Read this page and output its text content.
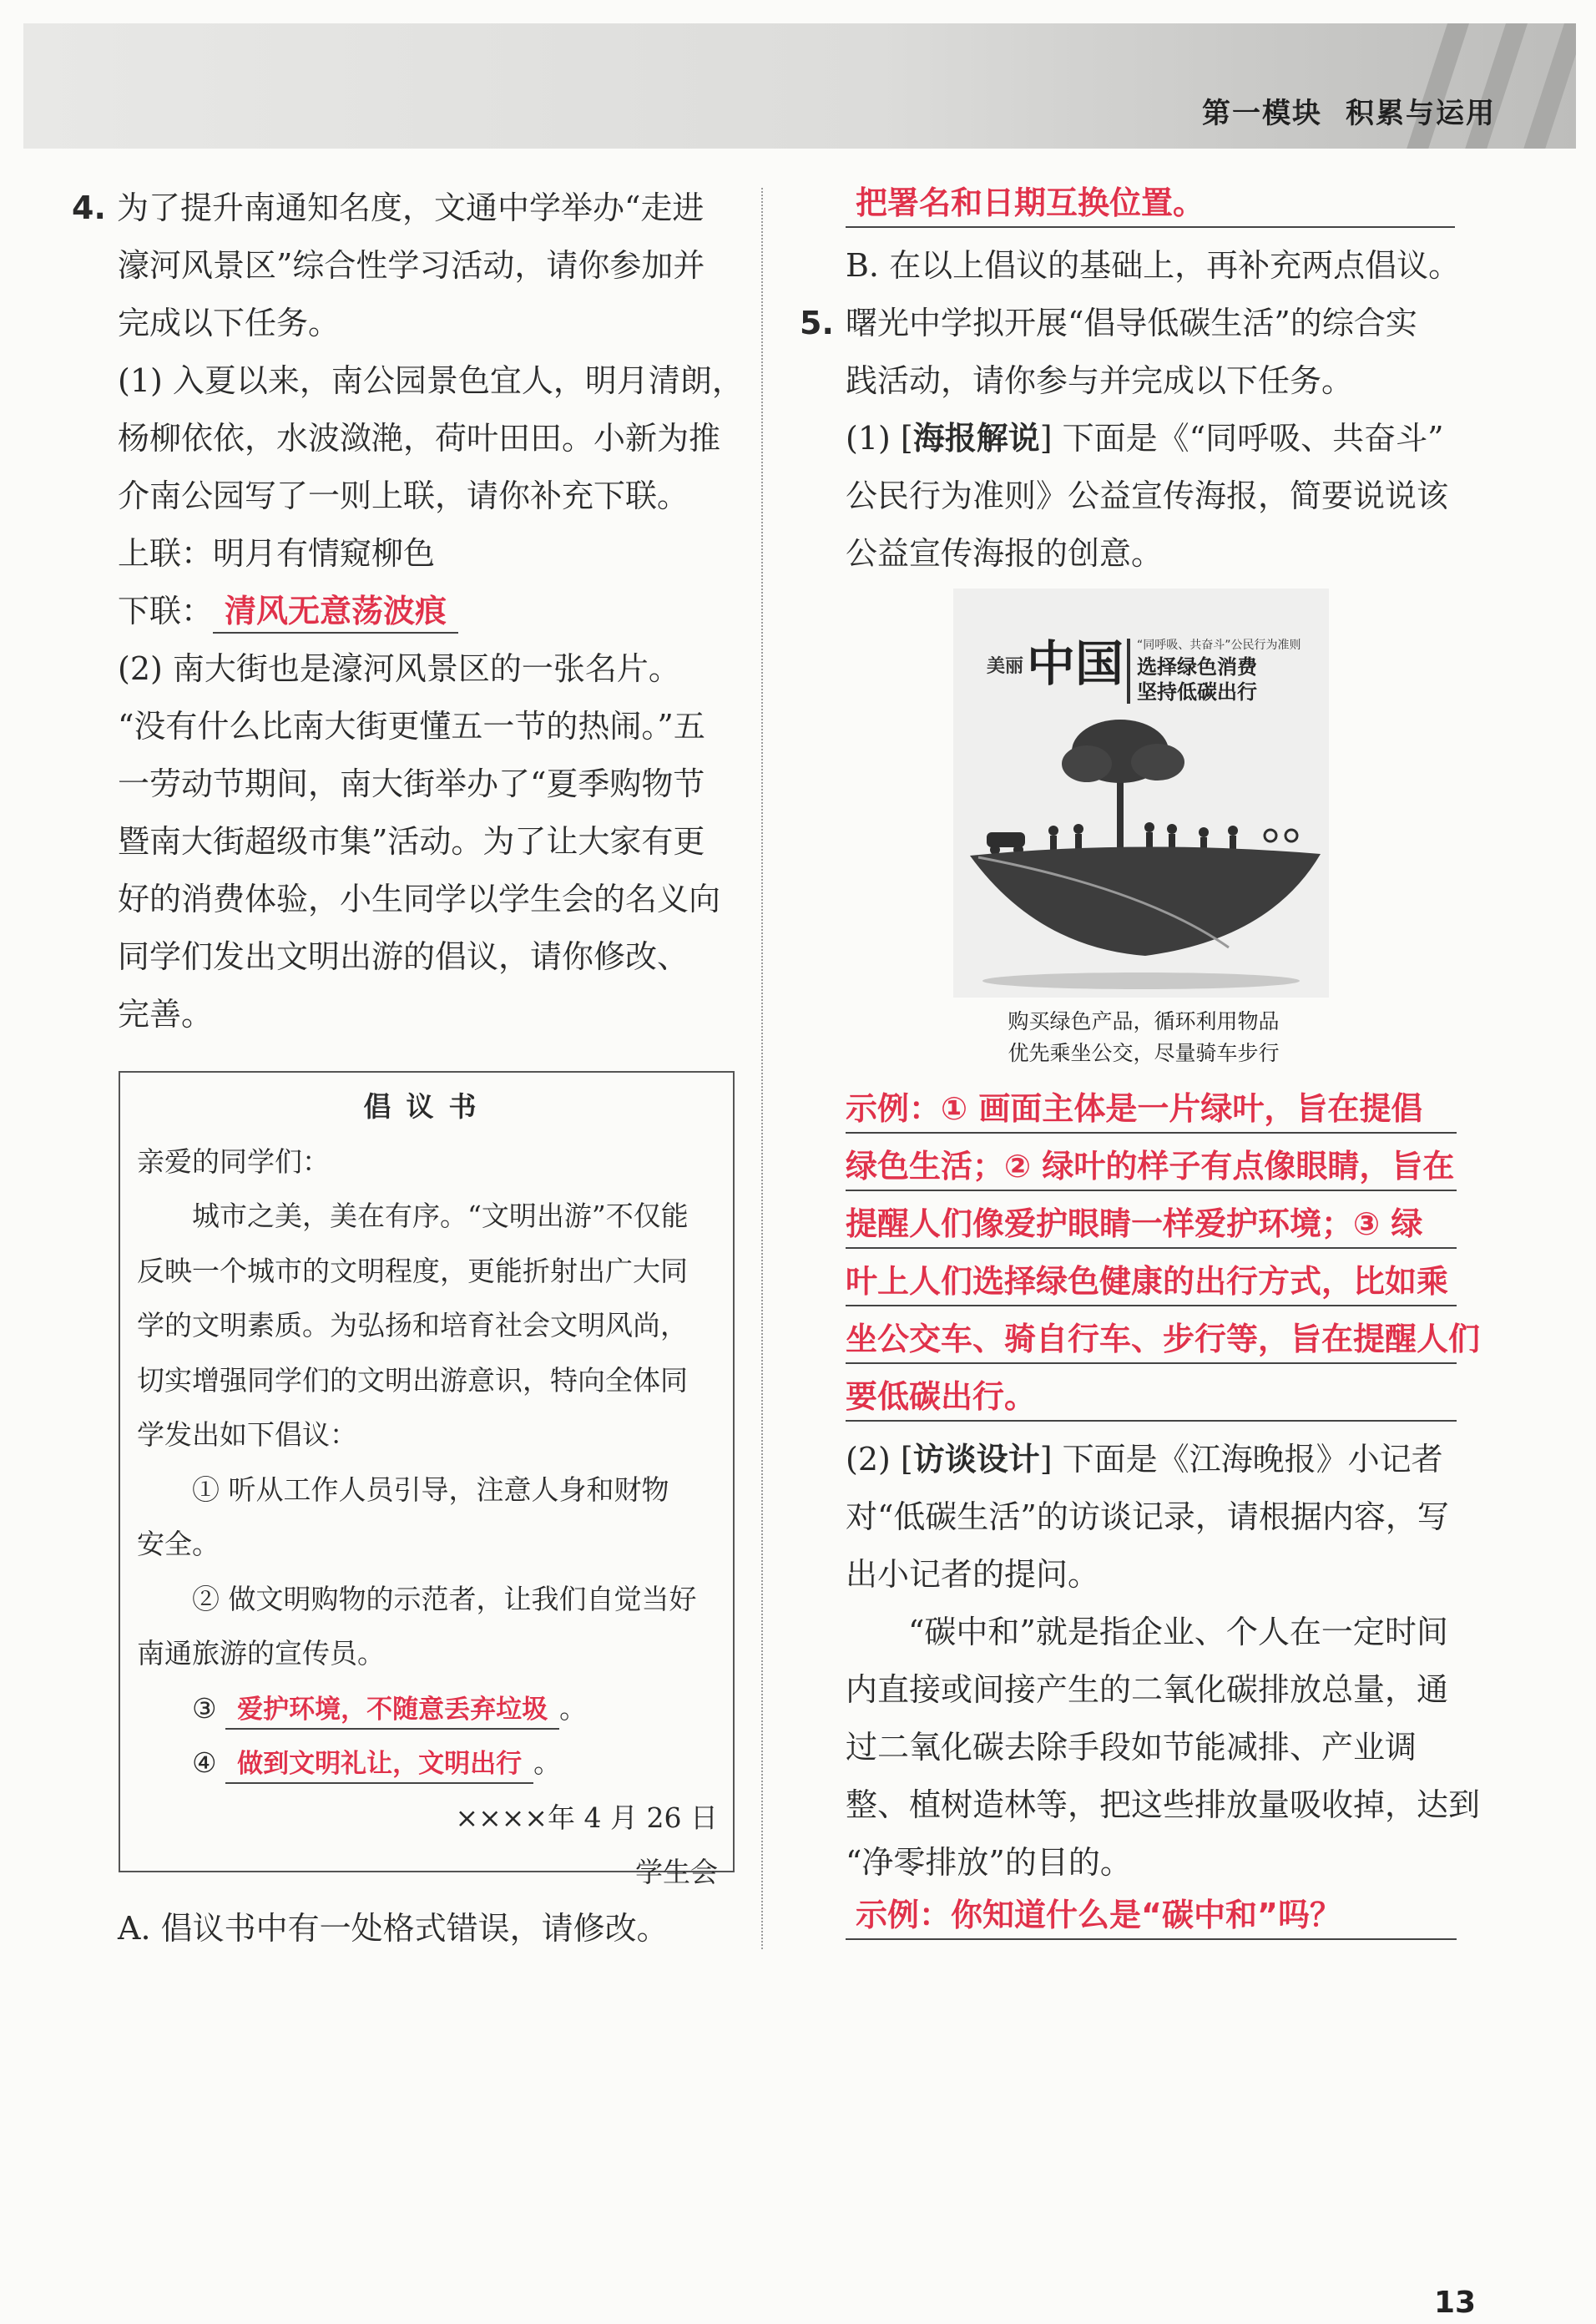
第一模块 积累与运用
4. 为了提升南通知名度，文通中学举办“走进
濠河风景区”综合性学习活动，请你参加并
完成以下任务。
(1) 入夏以来，南公园景色宜人，明月清朗，
杨柳依依，水波潋滟，荷叶田田。小新为推
介南公园写了一则上联，请你补充下联。
上联：明月有情窥柳色
下联： 清风无意荡波痕
(2) 南大街也是濠河风景区的一张名片。
“没有什么比南大街更懂五一节的热闹。”五
一劳动节期间，南大街举办了“夏季购物节
暨南大街超级市集”活动。为了让大家有更
好的消费体验，小生同学以学生会的名义向
同学们发出文明出游的倡议，请你修改、
完善。
倡议书
亲爱的同学们：
城市之美，美在有序。“文明出游”不仅能
反映一个城市的文明程度，更能折射出广大同
学的文明素质。为弘扬和培育社会文明风尚，
切实增强同学们的文明出游意识，特向全体同
学发出如下倡议：
① 听从工作人员引导，注意人身和财物
安全。
② 做文明购物的示范者，让我们自觉当好
南通旅游的宣传员。
③ 爱护环境，不随意丢弃垃圾 。
④ 做到文明礼让，文明出行 。
××××年 4 月 26 日
学生会
A. 倡议书中有一处格式错误，请修改。
把署名和日期互换位置。
B. 在以上倡议的基础上，再补充两点倡议。
5. 曙光中学拟开展“倡导低碳生活”的综合实
践活动，请你参与并完成以下任务。
(1) [海报解说] 下面是《“同呼吸、共奋斗”
公民行为准则》公益宣传海报，简要说说该
公益宣传海报的创意。
美丽 中国 “同呼吸、共奋斗”公民行为准则
选择绿色消费
坚持低碳出行
购买绿色产品，循环利用物品
优先乘坐公交，尽量骑车步行
示例：① 画面主体是一片绿叶，旨在提倡
绿色生活；② 绿叶的样子有点像眼睛，旨在
提醒人们像爱护眼睛一样爱护环境；③ 绿
叶上人们选择绿色健康的出行方式，比如乘
坐公交车、骑自行车、步行等，旨在提醒人们
要低碳出行。
(2) [访谈设计] 下面是《江海晚报》小记者
对“低碳生活”的访谈记录，请根据内容，写
出小记者的提问。
“碳中和”就是指企业、个人在一定时间
内直接或间接产生的二氧化碳排放总量，通
过二氧化碳去除手段如节能减排、产业调
整、植树造林等，把这些排放量吸收掉，达到
“净零排放”的目的。
示例：你知道什么是“碳中和”吗？
13
